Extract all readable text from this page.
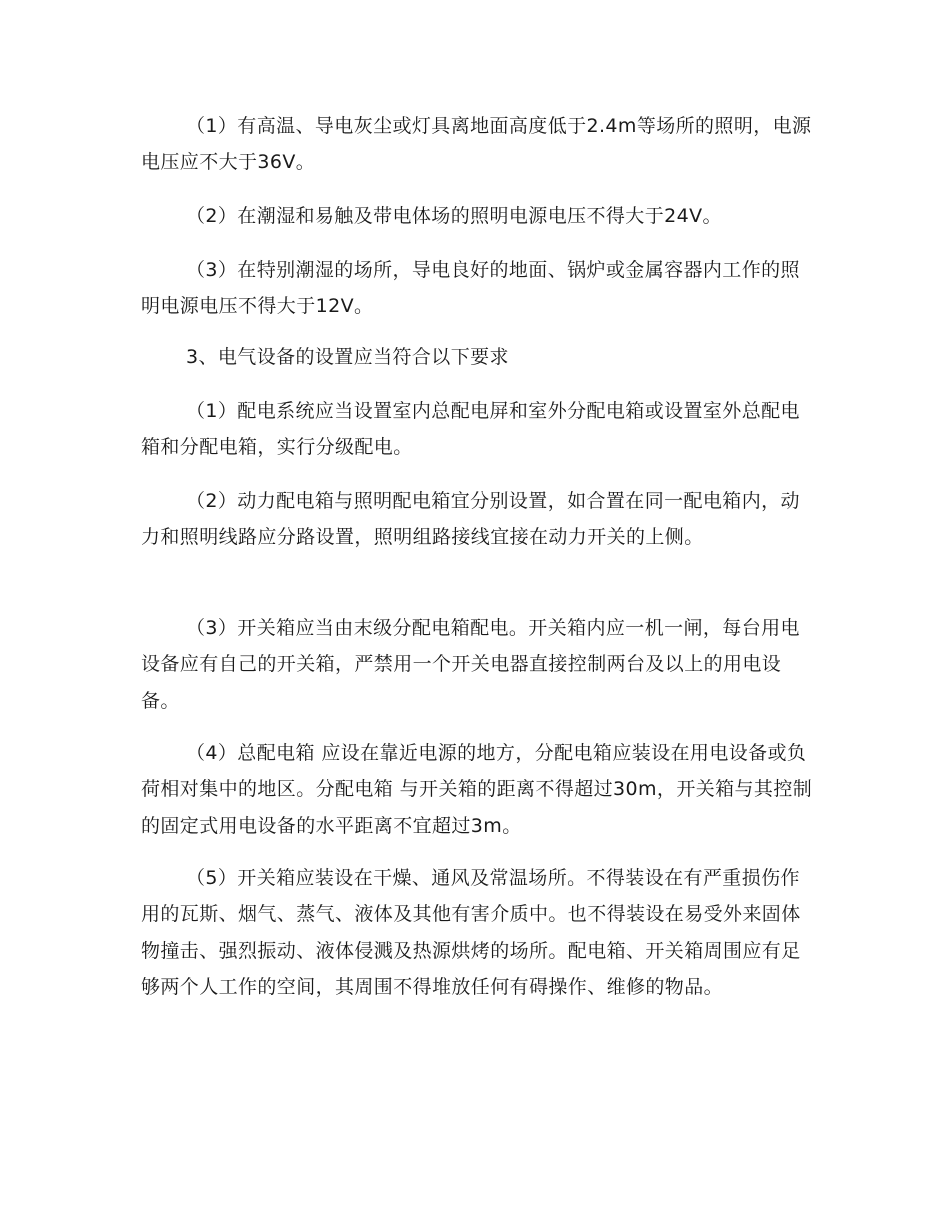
（1）有高温、导电灰尘或灯具离地面高度低于2.4m等场所的照明，电源电压应不大于36V。

（2）在潮湿和易触及带电体场的照明电源电压不得大于24V。

（3）在特别潮湿的场所，导电良好的地面、锅炉或金属容器内工作的照明电源电压不得大于12V。

3、电气设备的设置应当符合以下要求

（1）配电系统应当设置室内总配电屏和室外分配电箱或设置室外总配电箱和分配电箱，实行分级配电。

（2）动力配电箱与照明配电箱宜分别设置，如合置在同一配电箱内，动力和照明线路应分路设置，照明组路接线宜接在动力开关的上侧。

（3）开关箱应当由末级分配电箱配电。开关箱内应一机一闸，每台用电设备应有自己的开关箱，严禁用一个开关电器直接控制两台及以上的用电设备。

（4）总配电箱 应设在靠近电源的地方，分配电箱应装设在用电设备或负荷相对集中的地区。分配电箱 与开关箱的距离不得超过30m，开关箱与其控制的固定式用电设备的水平距离不宜超过3m。

（5）开关箱应装设在干燥、通风及常温场所。不得装设在有严重损伤作用的瓦斯、烟气、蒸气、液体及其他有害介质中。也不得装设在易受外来固体物撞击、强烈振动、液体侵溅及热源烘烤的场所。配电箱、开关箱周围应有足够两个人工作的空间，其周围不得堆放任何有碍操作、维修的物品。
